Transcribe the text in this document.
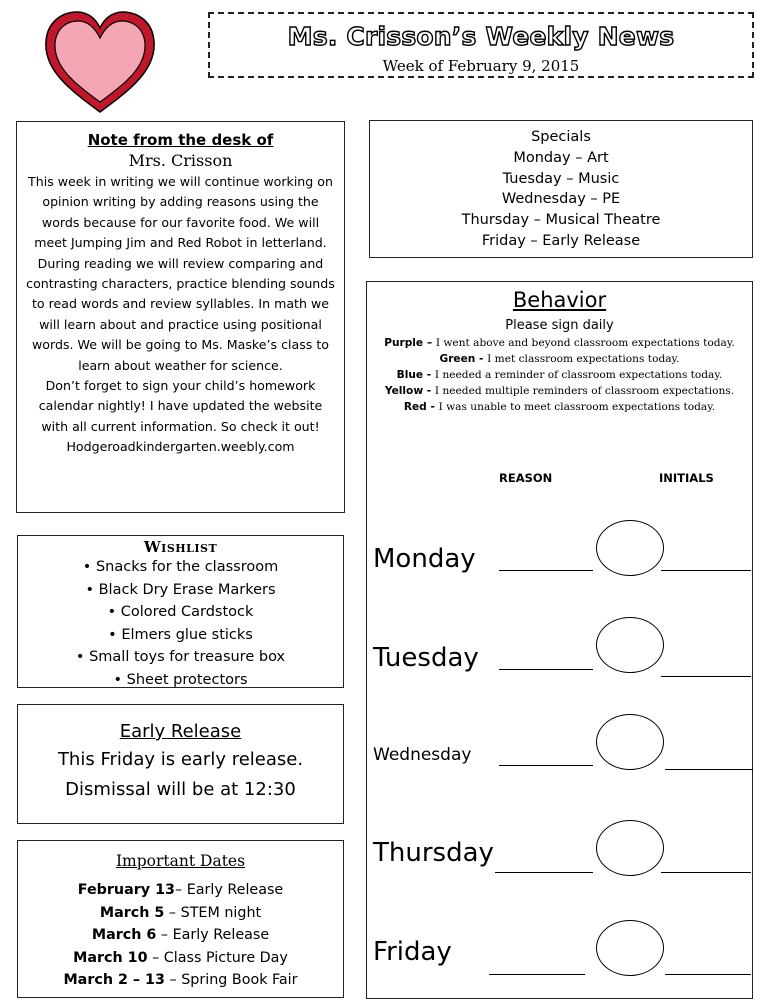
Ms. Crisson’s Weekly News
Week of February 9, 2015
Note from the desk of
Mrs. Crisson

This week in writing we will continue working on opinion writing by adding reasons using the words because for our favorite food. We will meet Jumping Jim and Red Robot in letterland. During reading we will review comparing and contrasting characters, practice blending sounds to read words and review syllables. In math we will learn about and practice using positional words. We will be going to Ms. Maske’s class to learn about weather for science.

Don’t forget to sign your child’s homework calendar nightly! I have updated the website with all current information. So check it out!

Hodgeroadkindergarten.weebly.com

Specials
Monday – Art
Tuesday – Music
Wednesday – PE
Thursday – Musical Theatre
Friday – Early Release
Behavior
Please sign daily
Purple – I went above and beyond classroom expectations today.
Green - I met classroom expectations today.
Blue - I needed a reminder of classroom expectations today.
Yellow - I needed multiple reminders of classroom expectations.
Red - I was unable to meet classroom expectations today.
REASON	INITIALS
Monday
Tuesday
Wednesday
Thursday
Friday
Wishlist
• Snacks for the classroom
• Black Dry Erase Markers
• Colored Cardstock
• Elmers glue sticks
• Small toys for treasure box
• Sheet protectors
Early Release
This Friday is early release.
Dismissal will be at 12:30
Important Dates
February 13– Early Release
March 5 – STEM night
March 6 – Early Release
March 10 – Class Picture Day
March 2 – 13 – Spring Book Fair
